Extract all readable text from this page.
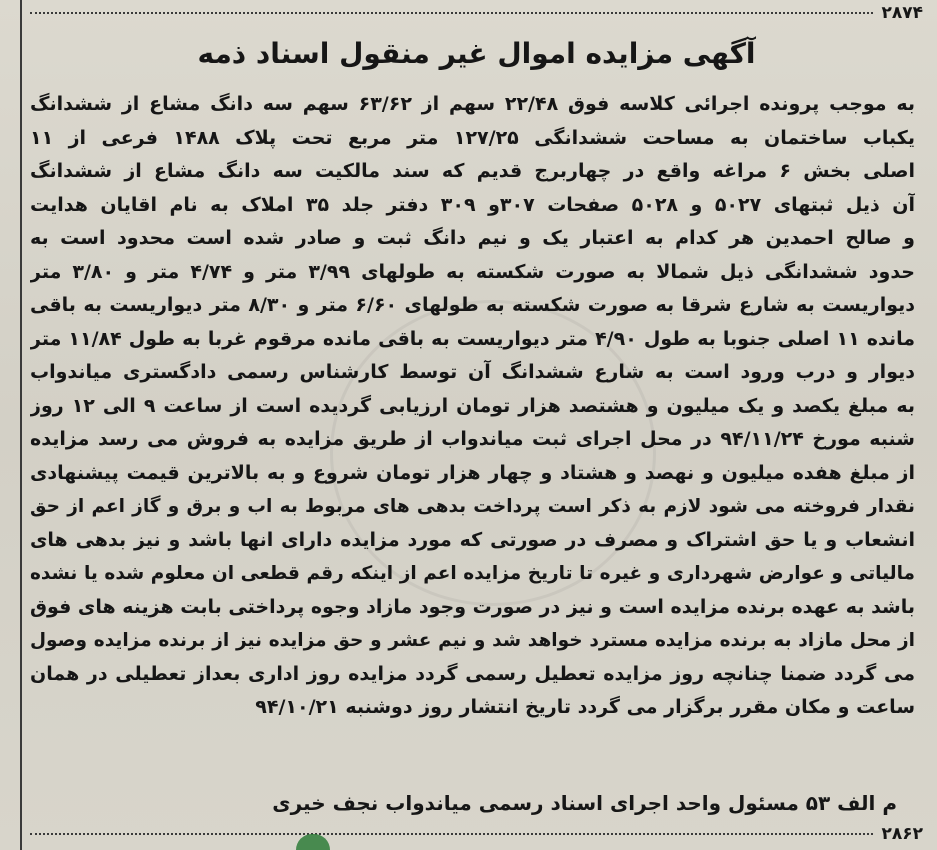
۲۸۷۴
آگهی مزایده اموال غیر منقول اسناد ذمه
به موجب پرونده اجرائی کلاسه فوق ۲۲/۴۸ سهم از ۶۳/۶۲ سهم سه دانگ مشاع از ششدانگ
یکباب ساختمان به مساحت ششدانگی ۱۲۷/۲۵ متر مربع تحت پلاک ۱۴۸۸ فرعی از ۱۱
اصلی بخش ۶ مراغه واقع در چهاربرج قدیم که سند مالکیت سه دانگ مشاع از ششدانگ
آن ذیل ثبتهای ۵۰۲۷ و ۵۰۲۸ صفحات ۳۰۷و ۳۰۹ دفتر جلد ۳۵ املاک به نام اقایان هدایت
و صالح احمدین هر کدام به اعتبار یک و نیم دانگ ثبت و صادر شده است محدود است به
حدود ششدانگی ذیل شمالا به صورت شکسته به طولهای ۳/۹۹ متر و ۴/۷۴ متر و ۳/۸۰ متر
دیواریست به شارع شرقا به صورت شکسته به طولهای ۶/۶۰ متر و ۸/۳۰ متر دیواریست به باقی
مانده ۱۱ اصلی جنوبا به طول ۴/۹۰ متر دیواریست به باقی مانده مرقوم غربا به طول ۱۱/۸۴ متر
دیوار و درب ورود است به شارع ششدانگ آن توسط کارشناس رسمی دادگستری میاندواب
به مبلغ یکصد و یک میلیون و هشتصد هزار تومان ارزیابی گردیده است از ساعت ۹ الی ۱۲ روز
شنبه مورخ ۹۴/۱۱/۲۴ در محل اجرای ثبت میاندواب از طریق مزایده به فروش می رسد مزایده
از مبلغ هفده میلیون و نهصد و هشتاد و چهار هزار تومان شروع و به بالاترین قیمت پیشنهادی
نقدار فروخته می شود لازم به ذکر است پرداخت بدهی های مربوط به اب و برق و گاز اعم از حق
انشعاب و یا حق اشتراک و مصرف در صورتی که مورد مزایده دارای انها باشد و نیز بدهی های
مالیاتی و عوارض شهرداری و غیره تا تاریخ مزایده اعم از اینکه رقم قطعی ان معلوم شده یا نشده
باشد به عهده برنده مزایده است و نیز در صورت وجود مازاد وجوه پرداختی بابت هزینه های فوق
از محل مازاد به برنده مزایده مسترد خواهد شد و نیم عشر و حق مزایده نیز از برنده مزایده وصول
می گردد ضمنا چنانچه روز مزایده تعطیل رسمی گردد مزایده روز اداری بعداز تعطیلی در همان
ساعت و مکان مقرر برگزار می گردد تاریخ انتشار روز دوشنبه ۹۴/۱۰/۲۱
م الف ۵۳ مسئول واحد اجرای اسناد رسمی میاندواب نجف خیری
۲۸۶۲
